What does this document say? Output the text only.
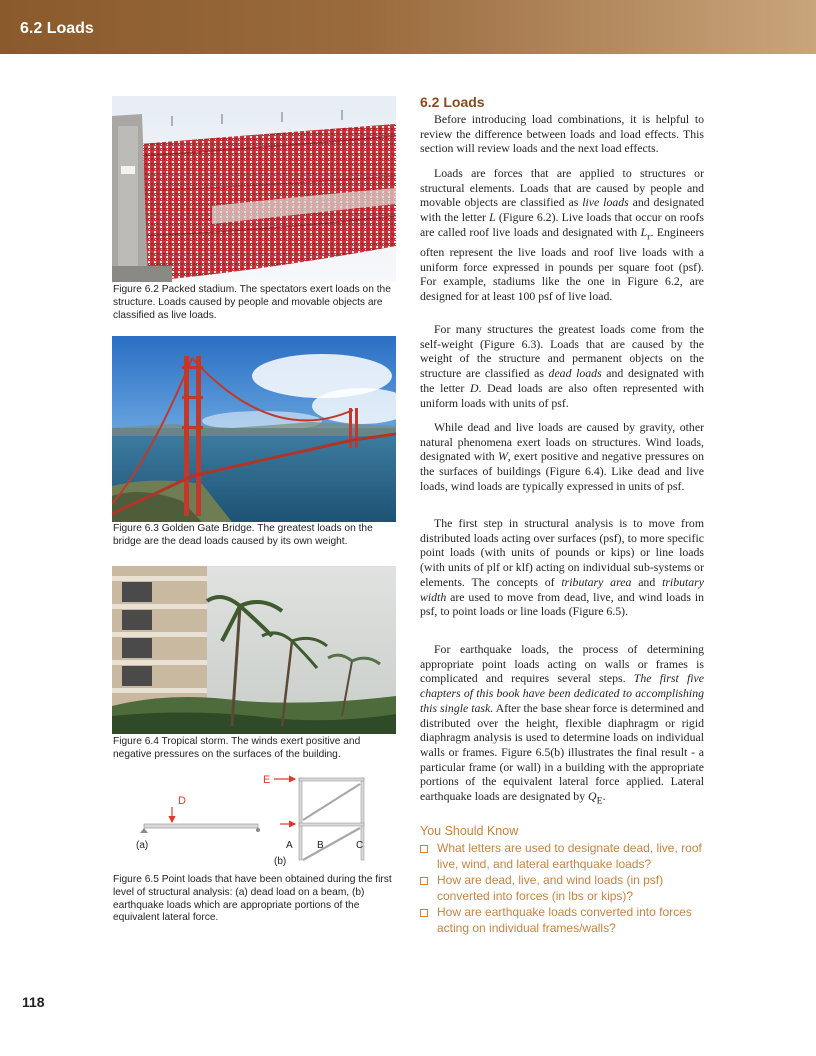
6.2 Loads
Figure 6.2 Packed stadium. The spectators exert loads on the structure. Loads caused by people and movable objects are classified as live loads.
Figure 6.3 Golden Gate Bridge. The greatest loads on the bridge are the dead loads caused by its own weight.
Figure 6.4 Tropical storm. The winds exert positive and negative pressures on the surfaces of the building.
D
(a)
E
A B	C
(b)
Figure 6.5 Point loads that have been obtained during the first level of structural analysis: (a) dead load on a beam, (b) earthquake loads which are appropriate portions of the equivalent lateral force.
6.2 Loads

Before introducing load combinations, it is helpful to review the difference between loads and load effects. This section will review loads and the next load effects.

Loads are forces that are applied to structures or structural elements. Loads that are caused by people and movable objects are classified as live loads and designated with the letter L (Figure 6.2). Live loads that occur on roofs are called roof live loads and designated with $L_r$. Engineers often represent the live loads and roof live loads with a uniform force expressed in pounds per square foot (psf). For example, stadiums like the one in Figure 6.2, are designed for at least 100 psf of live load.

For many structures the greatest loads come from the self-weight (Figure 6.3). Loads that are caused by the weight of the structure and permanent objects on the structure are classified as dead loads and designated with the letter D. Dead loads are also often represented with uniform loads with units of psf.

While dead and live loads are caused by gravity, other natural phenomena exert loads on structures. Wind loads, designated with W, exert positive and negative pressures on the surfaces of buildings (Figure 6.4). Like dead and live loads, wind loads are typically expressed in units of psf.

The first step in structural analysis is to move from distributed loads acting over surfaces (psf), to more specific point loads (with units of pounds or kips) or line loads (with units of plf or klf) acting on individual sub-systems or elements. The concepts of tributary area and tributary width are used to move from dead, live, and wind loads in psf, to point loads or line loads (Figure 6.5).

For earthquake loads, the process of determining appropriate point loads acting on walls or frames is complicated and requires several steps. The first five chapters of this book have been dedicated to accomplishing this single task. After the base shear force is determined and distributed over the height, flexible diaphragm or rigid diaphragm analysis is used to determine loads on individual walls or frames. Figure 6.5(b) illustrates the final result - a particular frame (or wall) in a building with the appropriate portions of the equivalent lateral force applied. Lateral earthquake loads are designated by $Q_E$.

You Should Know
What letters are used to designate dead, live, roof live, wind, and lateral earthquake loads?
How are dead, live, and wind loads (in psf) converted into forces (in lbs or kips)?
How are earthquake loads converted into forces acting on individual frames/walls?
118
